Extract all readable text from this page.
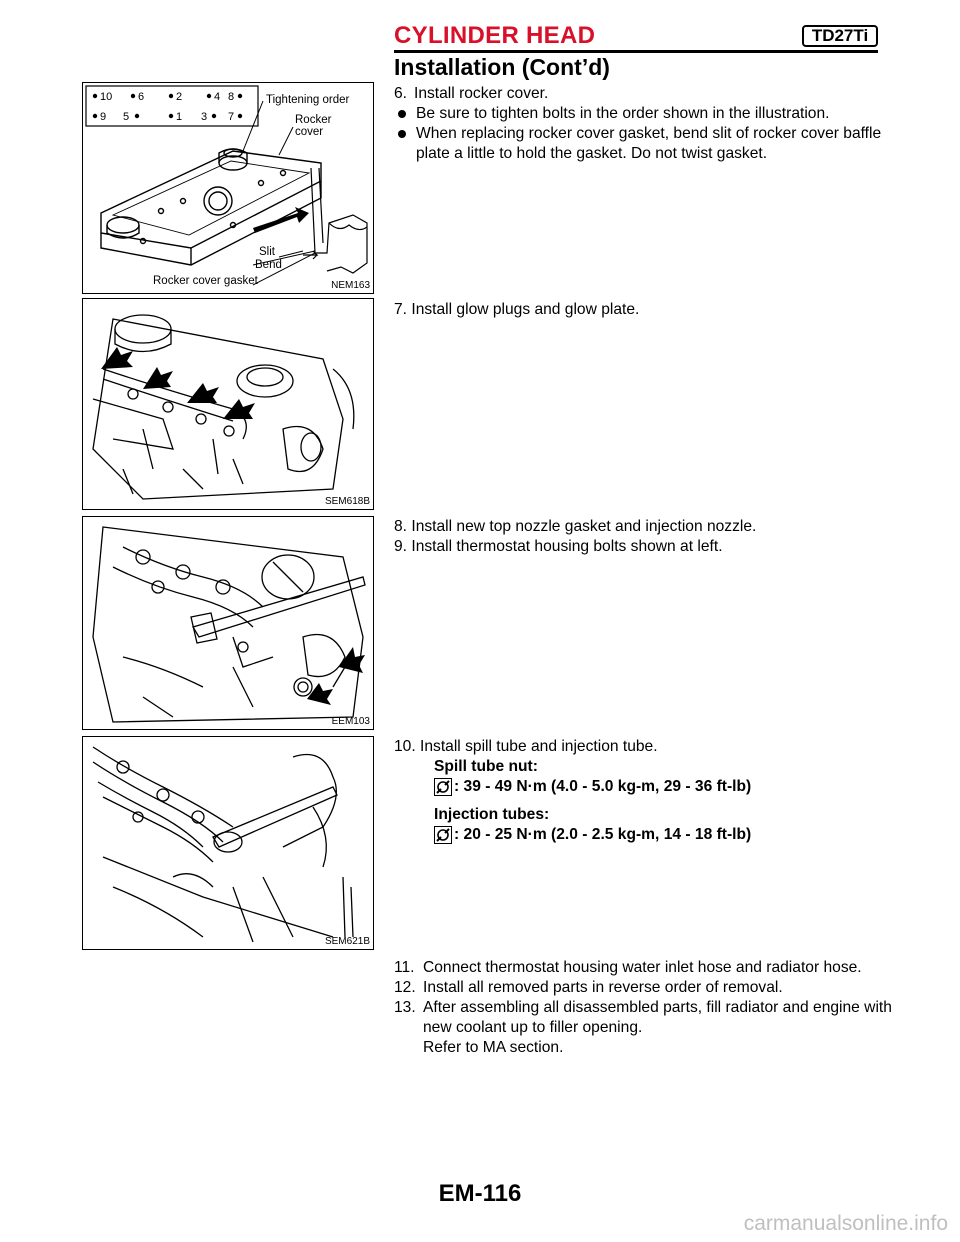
CYLINDER HEAD	TD27Ti
Installation (Cont’d)
10 6	2	4 8
9 5	1 3 7
Tightening order
Rocker
cover
Slit
Bend
Rocker cover gasket	NEM163
SEM618B
EEM103
SEM621B

6. Install rocker cover.

Be sure to tighten bolts in the order shown in the illustration.

When replacing rocker cover gasket, bend slit of rocker cover baffle plate a little to hold the gasket. Do not twist gasket.

7. Install glow plugs and glow plate.

8. Install new top nozzle gasket and injection nozzle.

9. Install thermostat housing bolts shown at left.

10. Install spill tube and injection tube.

Spill tube nut:

: 39 - 49 N·m (4.0 - 5.0 kg-m, 29 - 36 ft-lb)

Injection tubes:

: 20 - 25 N·m (2.0 - 2.5 kg-m, 14 - 18 ft-lb)

11. Connect thermostat housing water inlet hose and radiator hose.

12. Install all removed parts in reverse order of removal.

13. After assembling all disassembled parts, fill radiator and engine with new coolant up to filler opening.

Refer to MA section.

EM-116
carmanualsonline.info
